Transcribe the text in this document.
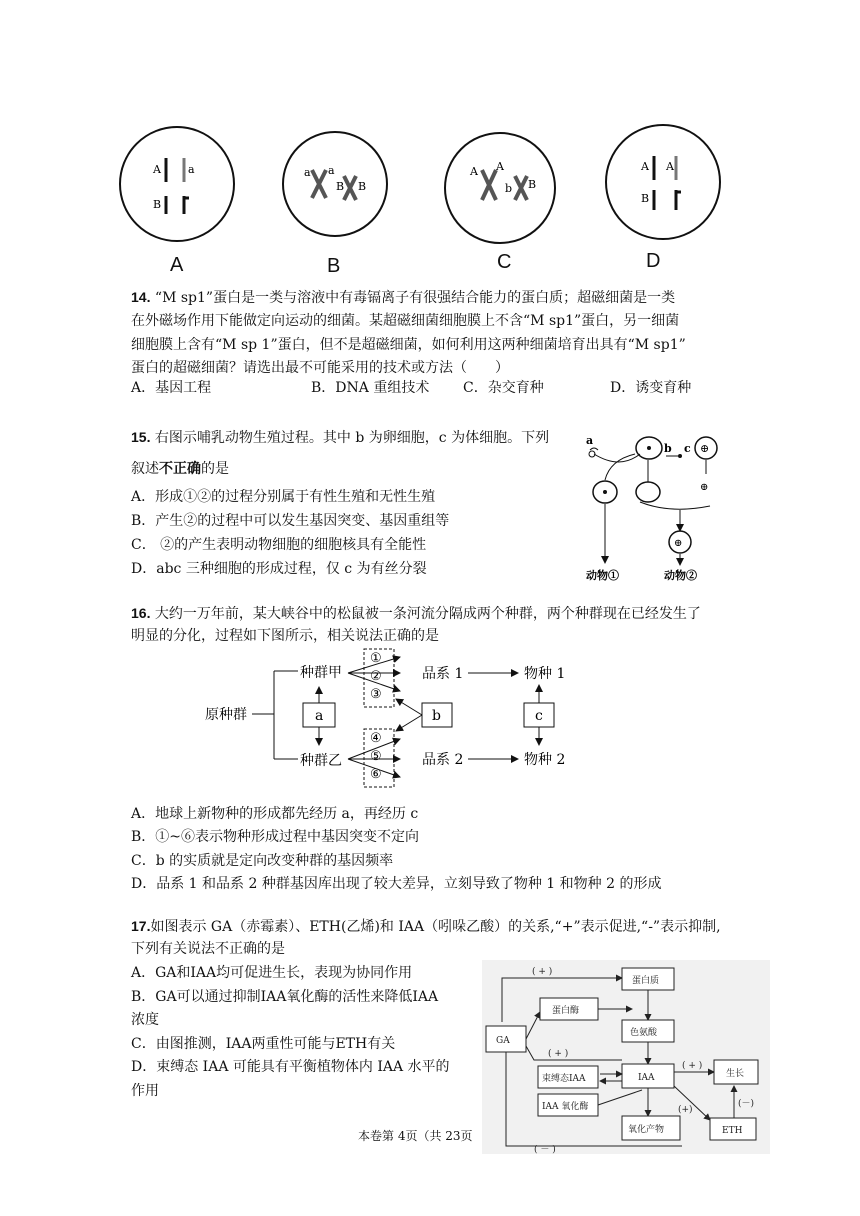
A a
B
a a
B B
A A
b B
A A
B
A	B	C	D
14. “M sp1”蛋白是一类与溶液中有毒镉离子有很强结合能力的蛋白质；超磁细菌是一类
在外磁场作用下能做定向运动的细菌。某超磁细菌细胞膜上不含“M sp1”蛋白，另一细菌
细胞膜上含有“M sp 1”蛋白，但不是超磁细菌，如何利用这两种细菌培育出具有“M sp1”
蛋白的超磁细菌？请选出最不可能采用的技术或方法（　　）
A．基因工程	B．DNA 重组技术 C．杂交育种	D．诱变育种
15. 右图示哺乳动物生殖过程。其中 b 为卵细胞，c 为体细胞。下列
叙述不正确的是
A．形成①②的过程分别属于有性生殖和无性生殖
B．产生②的过程中可以发生基因突变、基因重组等
C． ②的产生表明动物细胞的细胞核具有全能性
D．abc 三种细胞的形成过程，仅 c 为有丝分裂
a
b c ⊕
⊕
⊕
动物①	动物②
16. 大约一万年前，某大峡谷中的松鼠被一条河流分隔成两个种群，两个种群现在已经发生了
明显的分化，过程如下图所示，相关说法正确的是
原种群
种群甲
种群乙
a
①
②
③
④
⑤
⑥
b
品系 1
品系 2
物种 1
物种 2
c
A．地球上新物种的形成都先经历 a，再经历 c
B．①~⑥表示物种形成过程中基因突变不定向
C．b 的实质就是定向改变种群的基因频率
D．品系 1 和品系 2 种群基因库出现了较大差异，立刻导致了物种 1 和物种 2 的形成
17.如图表示 GA（赤霉素）、ETH(乙烯)和 IAA（吲哚乙酸）的关系,“+”表示促进,“-”表示抑制,
下列有关说法不正确的是
A．GA和IAA均可促进生长，表现为协同作用
B．GA可以通过抑制IAA氧化酶的活性来降低IAA
浓度
C．由图推测，IAA两重性可能与ETH有关
D．束缚态 IAA 可能具有平衡植物体内 IAA 水平的
作用
( + )
蛋白质
蛋白酶
色氨酸
GA
( + )
束缚态IAA	IAA
( + )
生长
IAA 氧化酶	(+)
(－)
氧化产物	ETH
( － )
本卷第 4页（共 23页
